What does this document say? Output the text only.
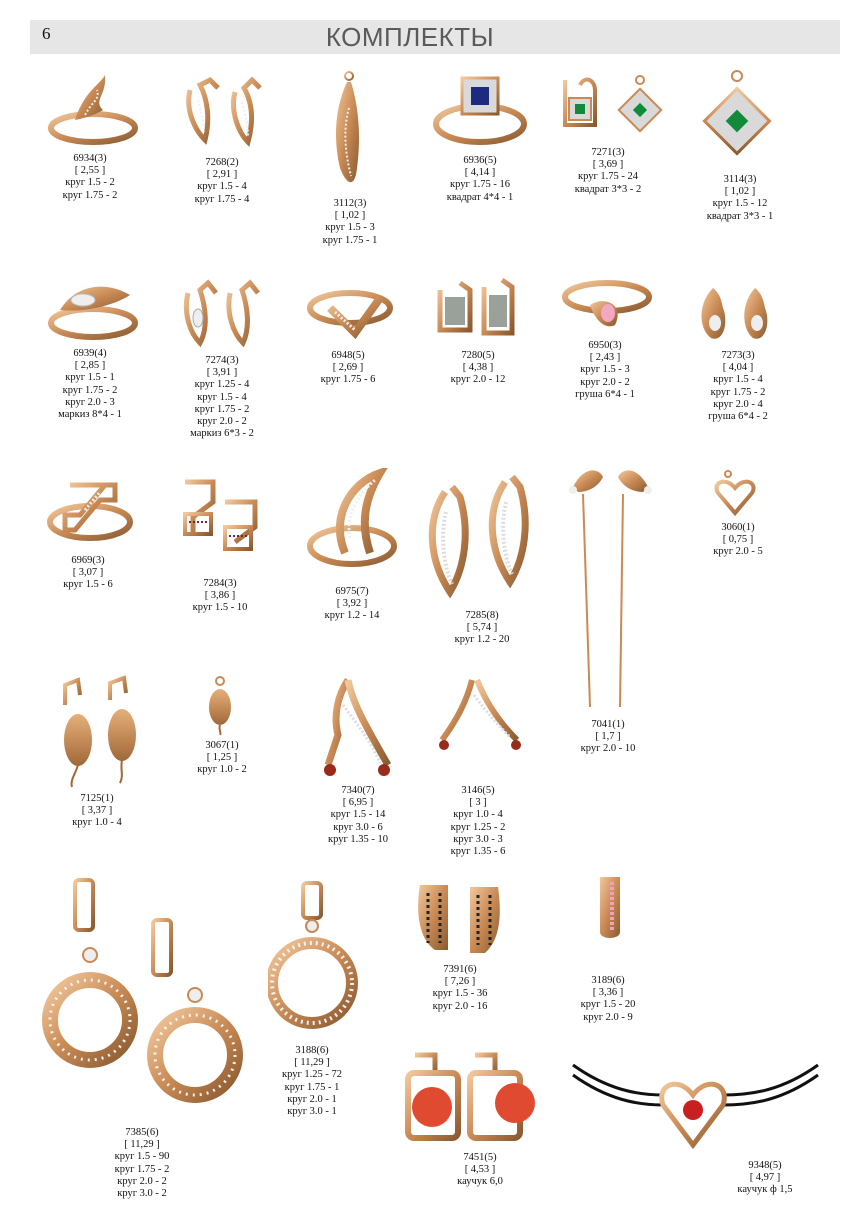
6	КОМПЛЕКТЫ
6934(3)
[ 2,55 ]
круг 1.5 - 2
круг 1.75 - 2
7268(2)
[ 2,91 ]
круг 1.5 - 4
круг 1.75 - 4	3112(3)
[ 1,02 ]
круг 1.5 - 3
круг 1.75 - 1
6936(5)
[ 4,14 ]
круг 1.75 - 16
квадрат 4*4 - 1
7271(3)
[ 3,69 ]
круг 1.75 - 24
квадрат 3*3 - 2
3114(3)
[ 1,02 ]
круг 1.5 - 12
квадрат 3*3 - 1
6939(4)
[ 2,85 ]
круг 1.5 - 1
круг 1.75 - 2
круг 2.0 - 3
маркиз 8*4 - 1
7274(3)
[ 3,91 ]
круг 1.25 - 4
круг 1.5 - 4
круг 1.75 - 2
круг 2.0 - 2
маркиз 6*3 - 2
6948(5)
[ 2,69 ]
круг 1.75 - 6
7280(5)
[ 4,38 ]
круг 2.0 - 12
6950(3)
[ 2,43 ]
круг 1.5 - 3
круг 2.0 - 2
груша 6*4 - 1
7273(3)
[ 4,04 ]
круг 1.5 - 4
круг 1.75 - 2
круг 2.0 - 4
груша 6*4 - 2
6969(3)
[ 3,07 ]
круг 1.5 - 6	7284(3)
[ 3,86 ]
круг 1.5 - 10
6975(7)
[ 3,92 ]
круг 1.2 - 14	7285(8)
[ 5,74 ]
круг 1.2 - 20
7041(1)
[ 1,7 ]
круг 2.0 - 10
3060(1)
[ 0,75 ]
круг 2.0 - 5
7125(1)
[ 3,37 ]
круг 1.0 - 4
3067(1)
[ 1,25 ]
круг 1.0 - 2
7340(7)
[ 6,95 ]
круг 1.5 - 14
круг 3.0 - 6
круг 1.35 - 10
3146(5)
[ 3 ]
круг 1.0 - 4
круг 1.25 - 2
круг 3.0 - 3
круг 1.35 - 6
7391(6)
[ 7,26 ]
круг 1.5 - 36
круг 2.0 - 16
3189(6)
[ 3,36 ]
круг 1.5 - 20
круг 2.0 - 9
3188(6)
[ 11,29 ]
круг 1.25 - 72
круг 1.75 - 1
круг 2.0 - 1
круг 3.0 - 1
7385(6)
[ 11,29 ]
круг 1.5 - 90
круг 1.75 - 2
круг 2.0 - 2
круг 3.0 - 2
7451(5)
[ 4,53 ]
каучук 6,0
9348(5)
[ 4,97 ]
каучук ф 1,5
